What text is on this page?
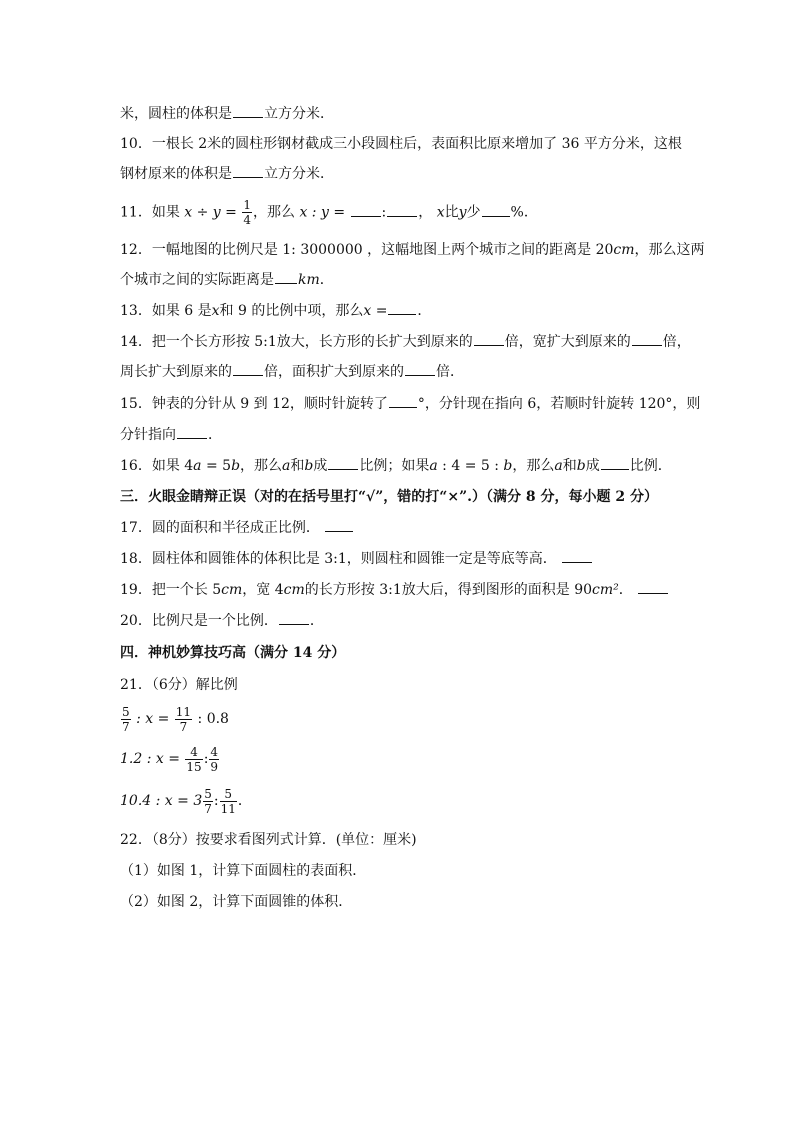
米，圆柱的体积是 立方分米．
10．一根长 2米的圆柱形钢材截成三小段圆柱后，表面积比原来增加了 36 平方分米，这根
钢材原来的体积是 立方分米．
11．如果 $x \div y = \frac{1}{4}$ ，那么 x : y =	: ， x比y少 %．
12．一幅地图的比例尺是 1: 3000000 ，这幅地图上两个城市之间的距离是 20cm，那么这两
个城市之间的实际距离是 km．
13．如果 6 是x和 9 的比例中项，那么x = ．
14．把一个长方形按 5:1放大，长方形的长扩大到原来的 倍，宽扩大到原来的 倍，
周长扩大到原来的 倍，面积扩大到原来的 倍．
15．钟表的分针从 9 到 12，顺时针旋转了 °，分针现在指向 6，若顺时针旋转 120°，则
分针指向 ．
16．如果 4a = 5b，那么a和b成 比例；如果a : 4 = 5 : b，那么a和b成 比例．
三．火眼金睛辩正误（对的在括号里打“√”，错的打“×”.）（满分 8 分，每小题 2 分）
17．圆的面积和半径成正比例．
18．圆柱体和圆锥体的体积比是 3:1，则圆柱和圆锥一定是等底等高．
19．把一个长 5cm，宽 4cm的长方形按 3:1放大后，得到图形的面积是 90cm²．
20．比例尺是一个比例． ．
四．神机妙算技巧高（满分 14 分）
21．（6分）解比例
$\frac{5}{7}$ : $x = \frac{11}{7}$ : 0.8
1.2 : $x = \frac{4}{15}$ : $\frac{4}{9}$
10.4 : $x = 3 \frac{5}{7}$ : $\frac{5}{11}$ ．
22．（8分）按要求看图列式计算．(单位：厘米)
（1）如图 1，计算下面圆柱的表面积．
（2）如图 2，计算下面圆锥的体积．
